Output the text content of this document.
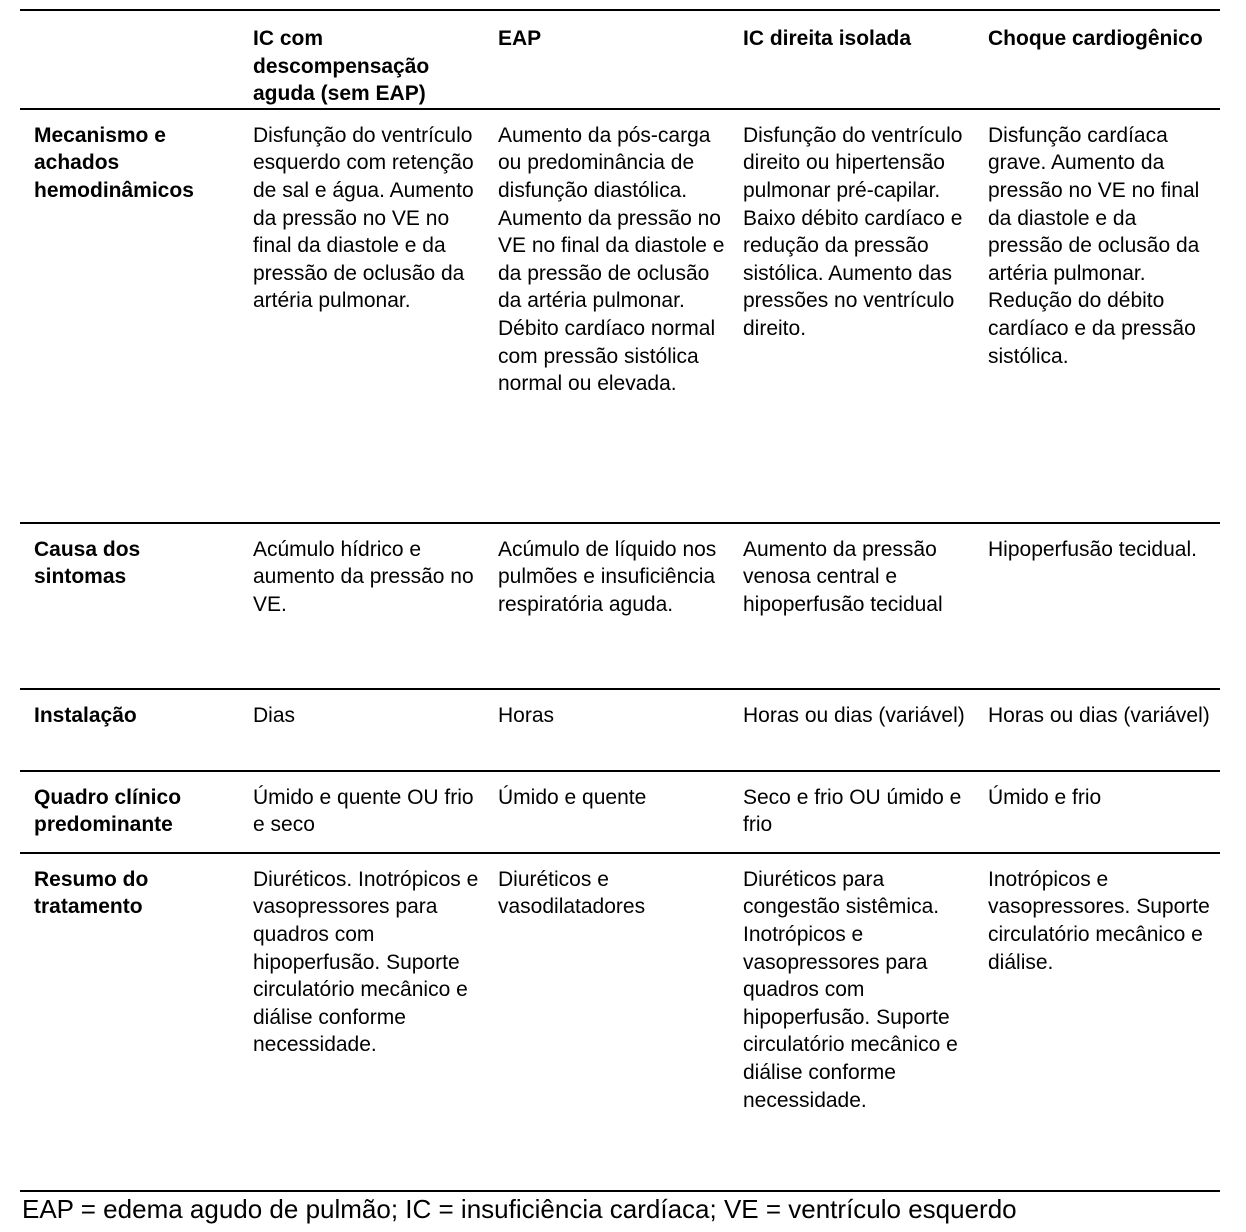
	IC com descompensação aguda (sem EAP)	EAP	IC direita isolada	Choque cardiogênico
Mecanismo e achados hemodinâmicos	Disfunção do ventrículo esquerdo com retenção de sal e água. Aumento da pressão no VE no final da diastole e da pressão de oclusão da artéria pulmonar.	Aumento da pós-carga ou predominância de disfunção diastólica. Aumento da pressão no VE no final da diastole e da pressão de oclusão da artéria pulmonar. Débito cardíaco normal com pressão sistólica normal ou elevada.	Disfunção do ventrículo direito ou hipertensão pulmonar pré-capilar. Baixo débito cardíaco e redução da pressão sistólica. Aumento das pressões no ventrículo direito.	Disfunção cardíaca grave. Aumento da pressão no VE no final da diastole e da pressão de oclusão da artéria pulmonar. Redução do débito cardíaco e da pressão sistólica.
Causa dos sintomas	Acúmulo hídrico e aumento da pressão no VE.	Acúmulo de líquido nos pulmões e insuficiência respiratória aguda.	Aumento da pressão venosa central e hipoperfusão tecidual	Hipoperfusão tecidual.
Instalação	Dias	Horas	Horas ou dias (variável)	Horas ou dias (variável)
Quadro clínico predominante	Úmido e quente OU frio e seco	Úmido e quente	Seco e frio OU úmido e frio	Úmido e frio
Resumo do tratamento	Diuréticos. Inotrópicos e vasopressores para quadros com hipoperfusão. Suporte circulatório mecânico e diálise conforme necessidade.	Diuréticos e vasodilatadores	Diuréticos para congestão sistêmica. Inotrópicos e vasopressores para quadros com hipoperfusão. Suporte circulatório mecânico e diálise conforme necessidade.	Inotrópicos e vasopressores. Suporte circulatório mecânico e diálise.
EAP = edema agudo de pulmão; IC = insuficiência cardíaca; VE = ventrículo esquerdo
